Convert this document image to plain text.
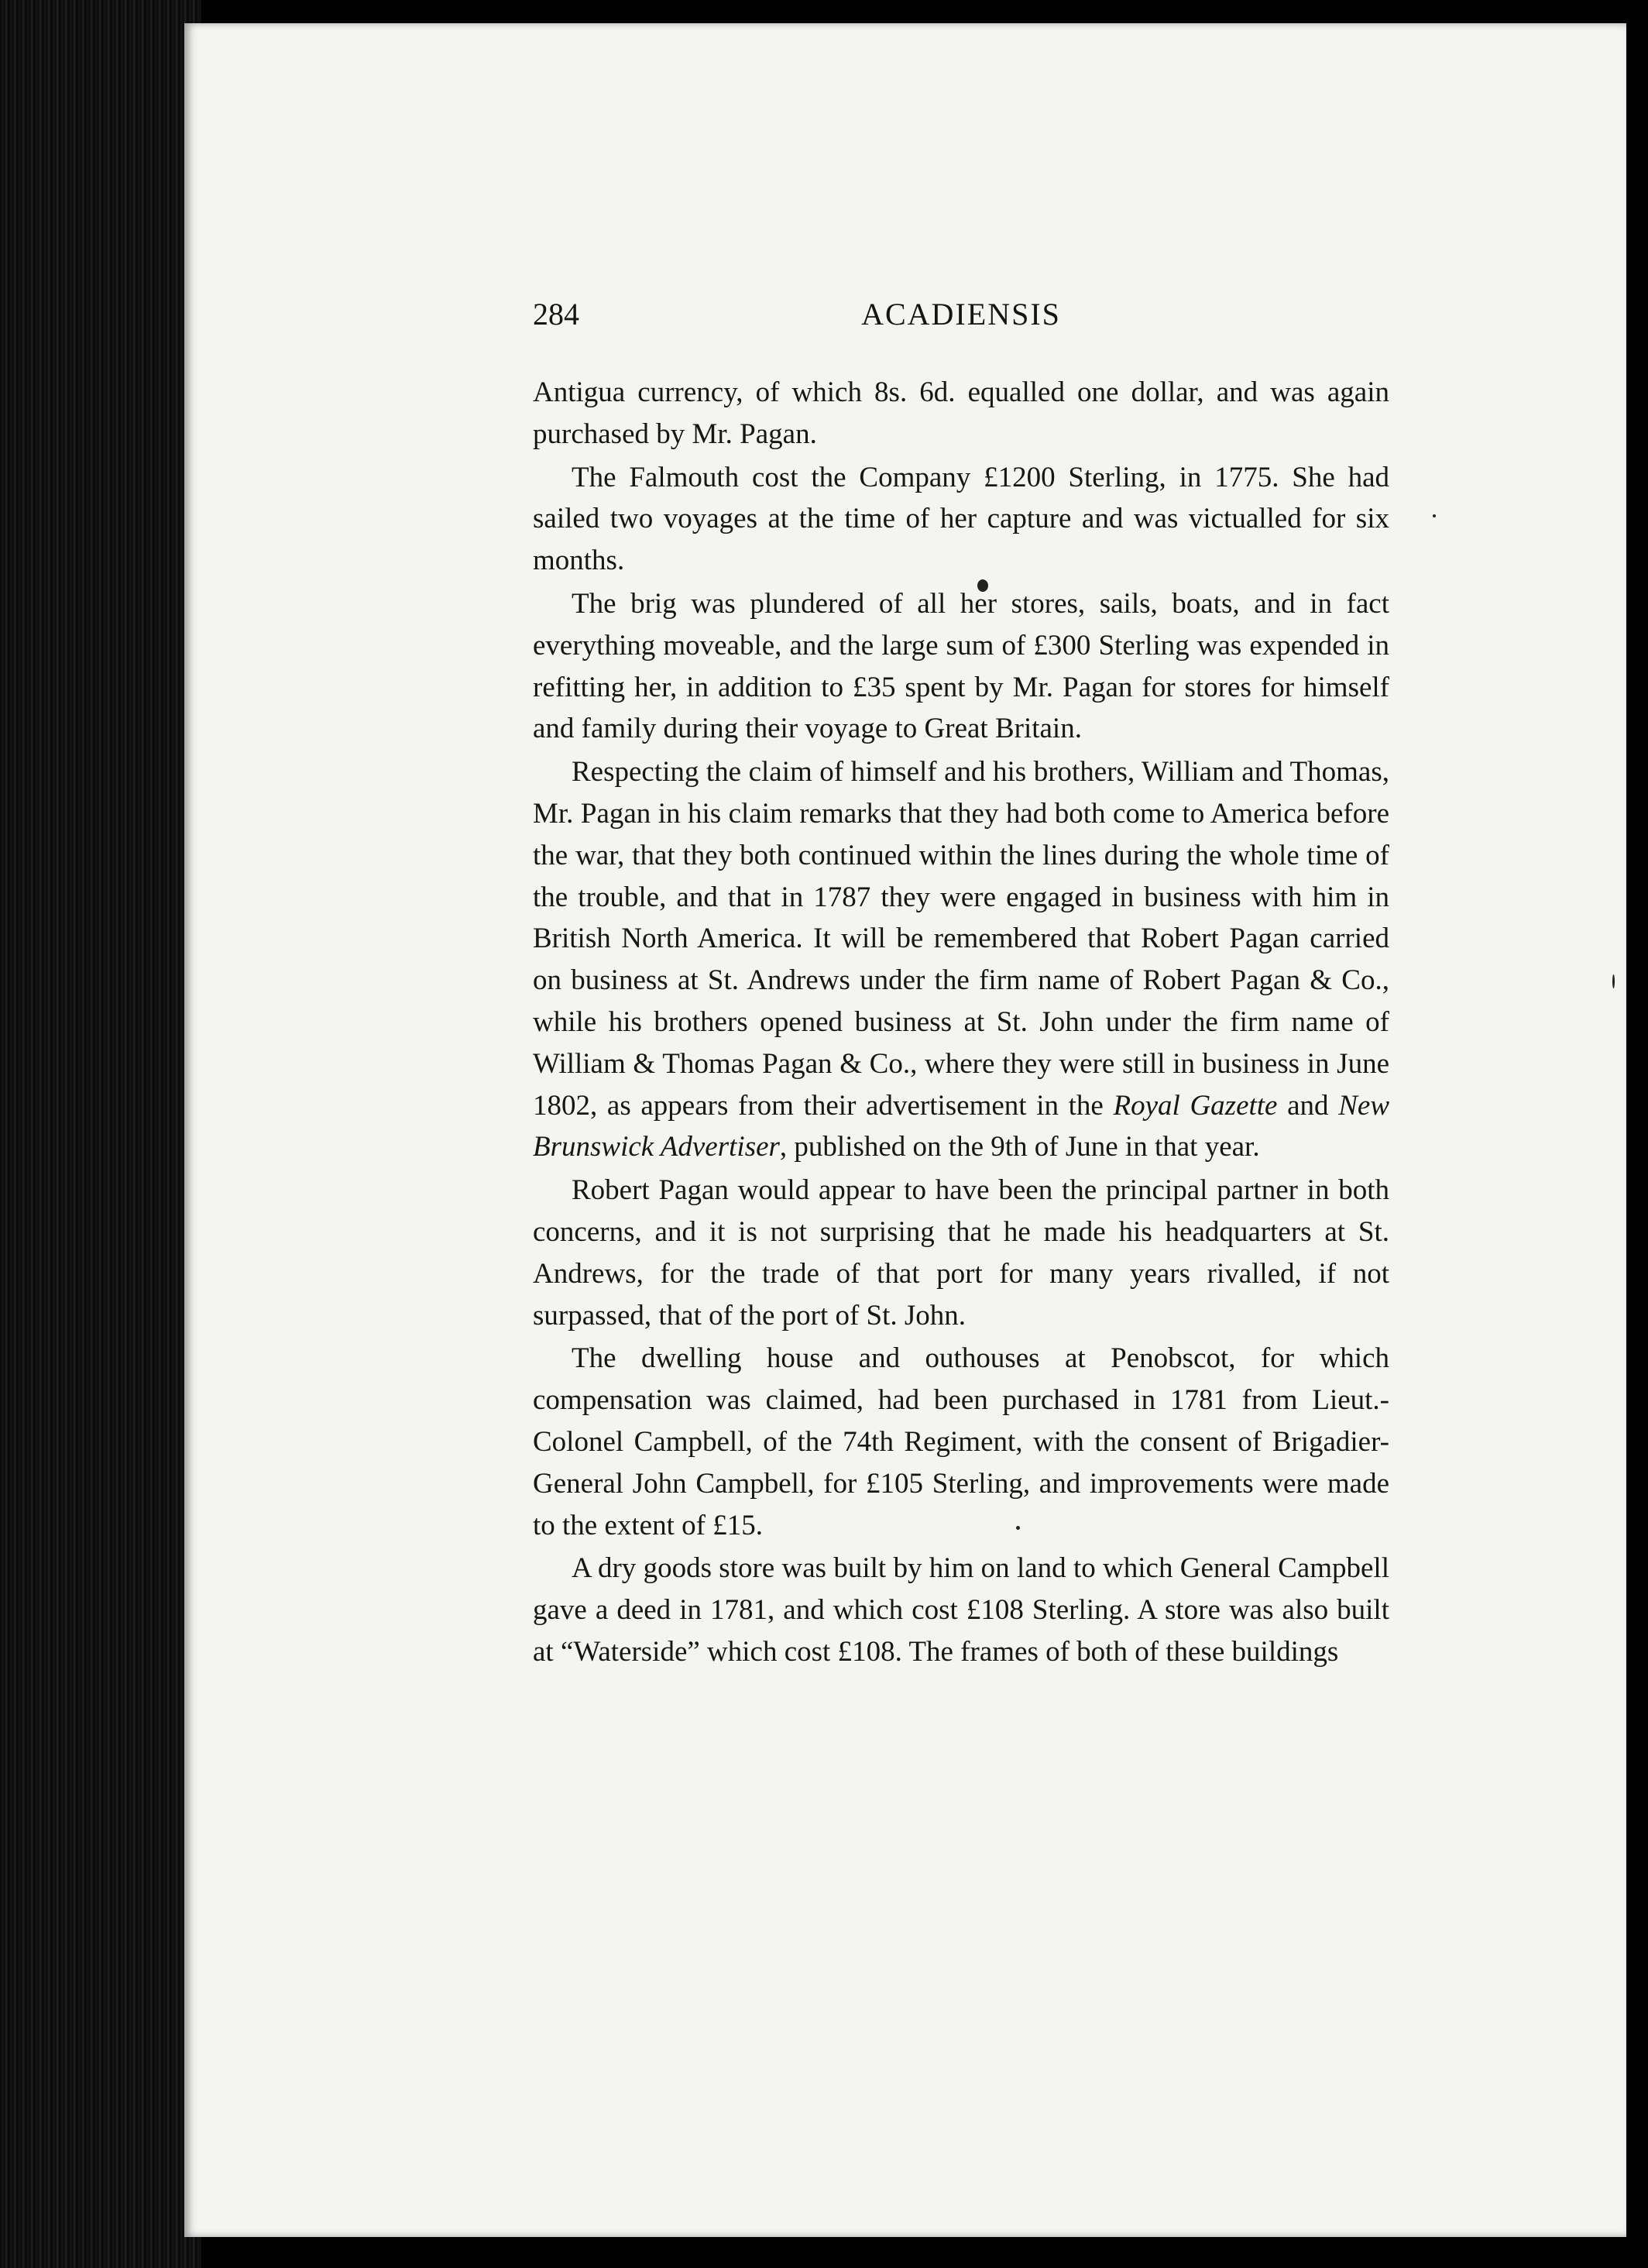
284	ACADIENSIS

Antigua currency, of which 8s. 6d. equalled one dollar, and was again purchased by Mr. Pagan.

The Falmouth cost the Company £1200 Sterling, in 1775. She had sailed two voyages at the time of her capture and was victualled for six months.

The brig was plundered of all her stores, sails, boats, and in fact everything moveable, and the large sum of £300 Sterling was expended in refitting her, in addition to £35 spent by Mr. Pagan for stores for himself and family during their voyage to Great Britain.

Respecting the claim of himself and his brothers, William and Thomas, Mr. Pagan in his claim remarks that they had both come to America before the war, that they both continued within the lines during the whole time of the trouble, and that in 1787 they were engaged in business with him in British North America. It will be remembered that Robert Pagan carried on business at St. Andrews under the firm name of Robert Pagan & Co., while his brothers opened business at St. John under the firm name of William & Thomas Pagan & Co., where they were still in business in June 1802, as appears from their advertisement in the Royal Gazette and New Brunswick Advertiser, published on the 9th of June in that year.

Robert Pagan would appear to have been the principal partner in both concerns, and it is not surprising that he made his headquarters at St. Andrews, for the trade of that port for many years rivalled, if not surpassed, that of the port of St. John.

The dwelling house and outhouses at Penobscot, for which compensation was claimed, had been purchased in 1781 from Lieut.-Colonel Campbell, of the 74th Regiment, with the consent of Brigadier-General John Campbell, for £105 Sterling, and improvements were made to the extent of £15.

A dry goods store was built by him on land to which General Campbell gave a deed in 1781, and which cost £108 Sterling. A store was also built at “Waterside” which cost £108. The frames of both of these buildings
